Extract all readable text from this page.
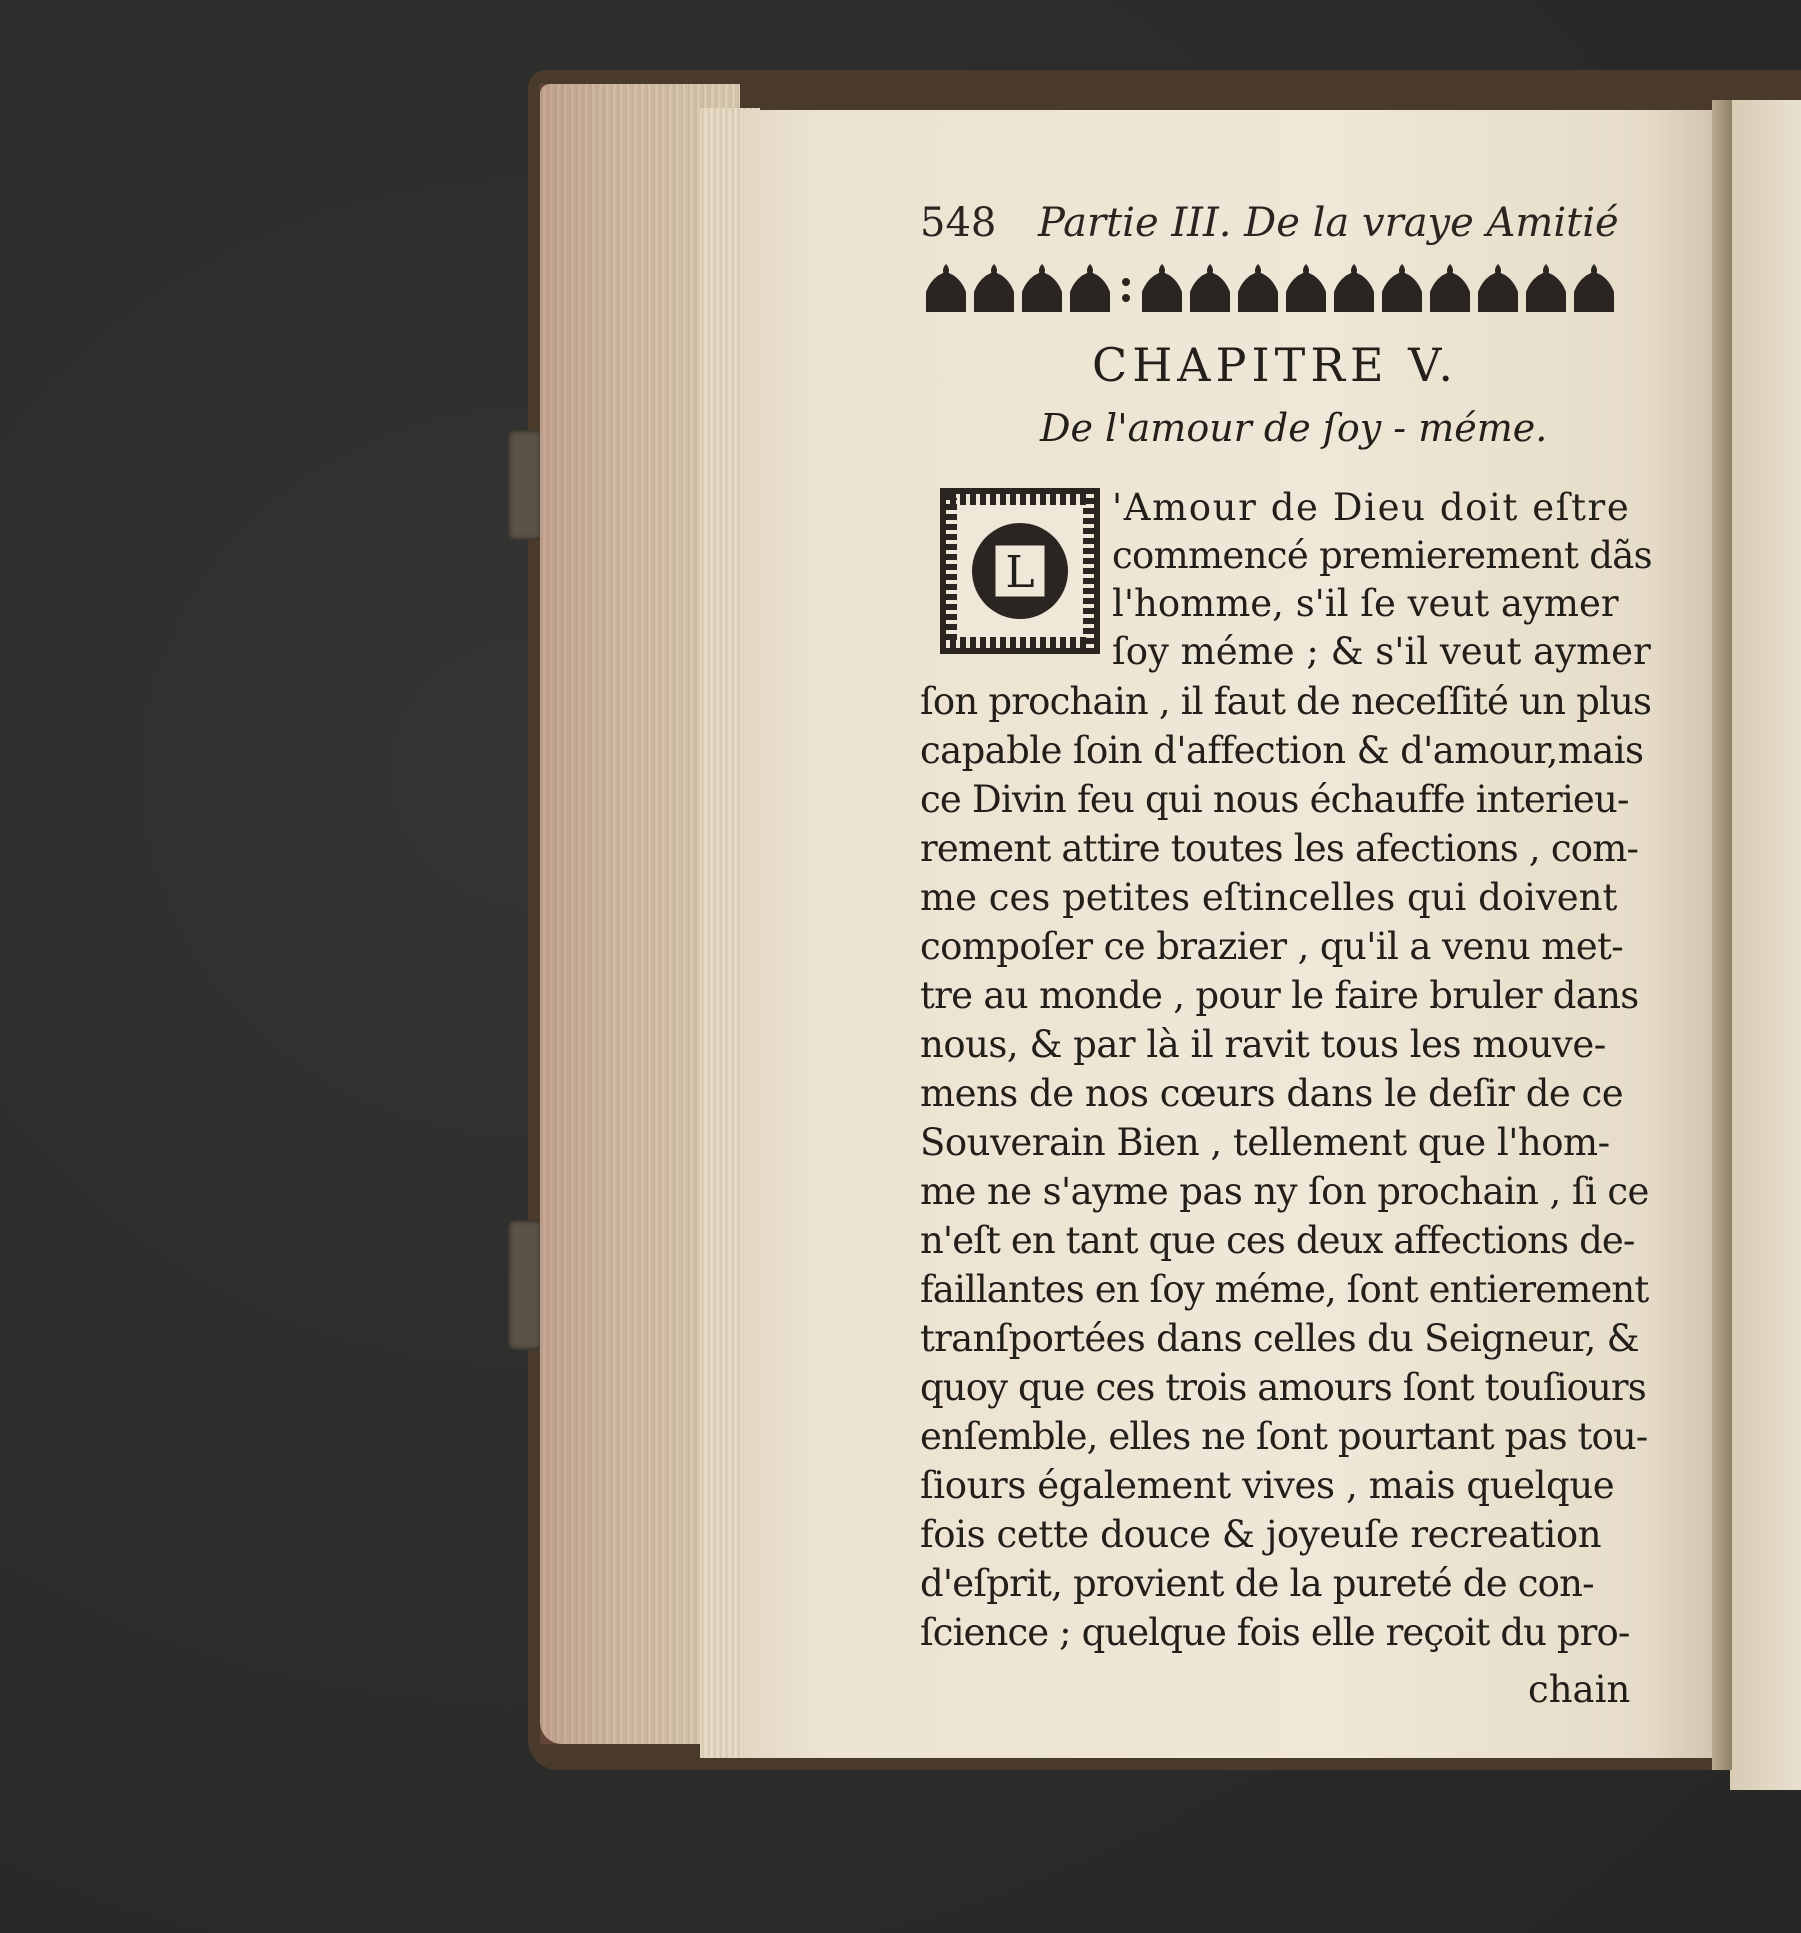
548 Partie III. De la vraye Amitié
CHAPITRE V.
De l'amour de ſoy - méme.
L
'Amour de Dieu doit eſtre
commencé premierement dãs
l'homme, s'il ſe veut aymer
ſoy méme ; & s'il veut aymer
ſon prochain , il faut de neceſſité un plus
capable ſoin d'affection & d'amour,mais
ce Divin feu qui nous échauffe interieu-
rement attire toutes les afections , com-
me ces petites eſtincelles qui doivent
compoſer ce brazier , qu'il a venu met-
tre au monde , pour le faire bruler dans
nous, & par là il ravit tous les mouve-
mens de nos cœurs dans le deſir de ce
Souverain Bien , tellement que l'hom-
me ne s'ayme pas ny ſon prochain , ſi ce
n'eſt en tant que ces deux affections de-
faillantes en ſoy méme, ſont entierement
tranſportées dans celles du Seigneur, &
quoy que ces trois amours ſont touſiours
enſemble, elles ne ſont pourtant pas tou-
ſiours également vives , mais quelque
fois cette douce & joyeuſe recreation
d'eſprit, provient de la pureté de con-
ſcience ; quelque fois elle reçoit du pro-
chain
